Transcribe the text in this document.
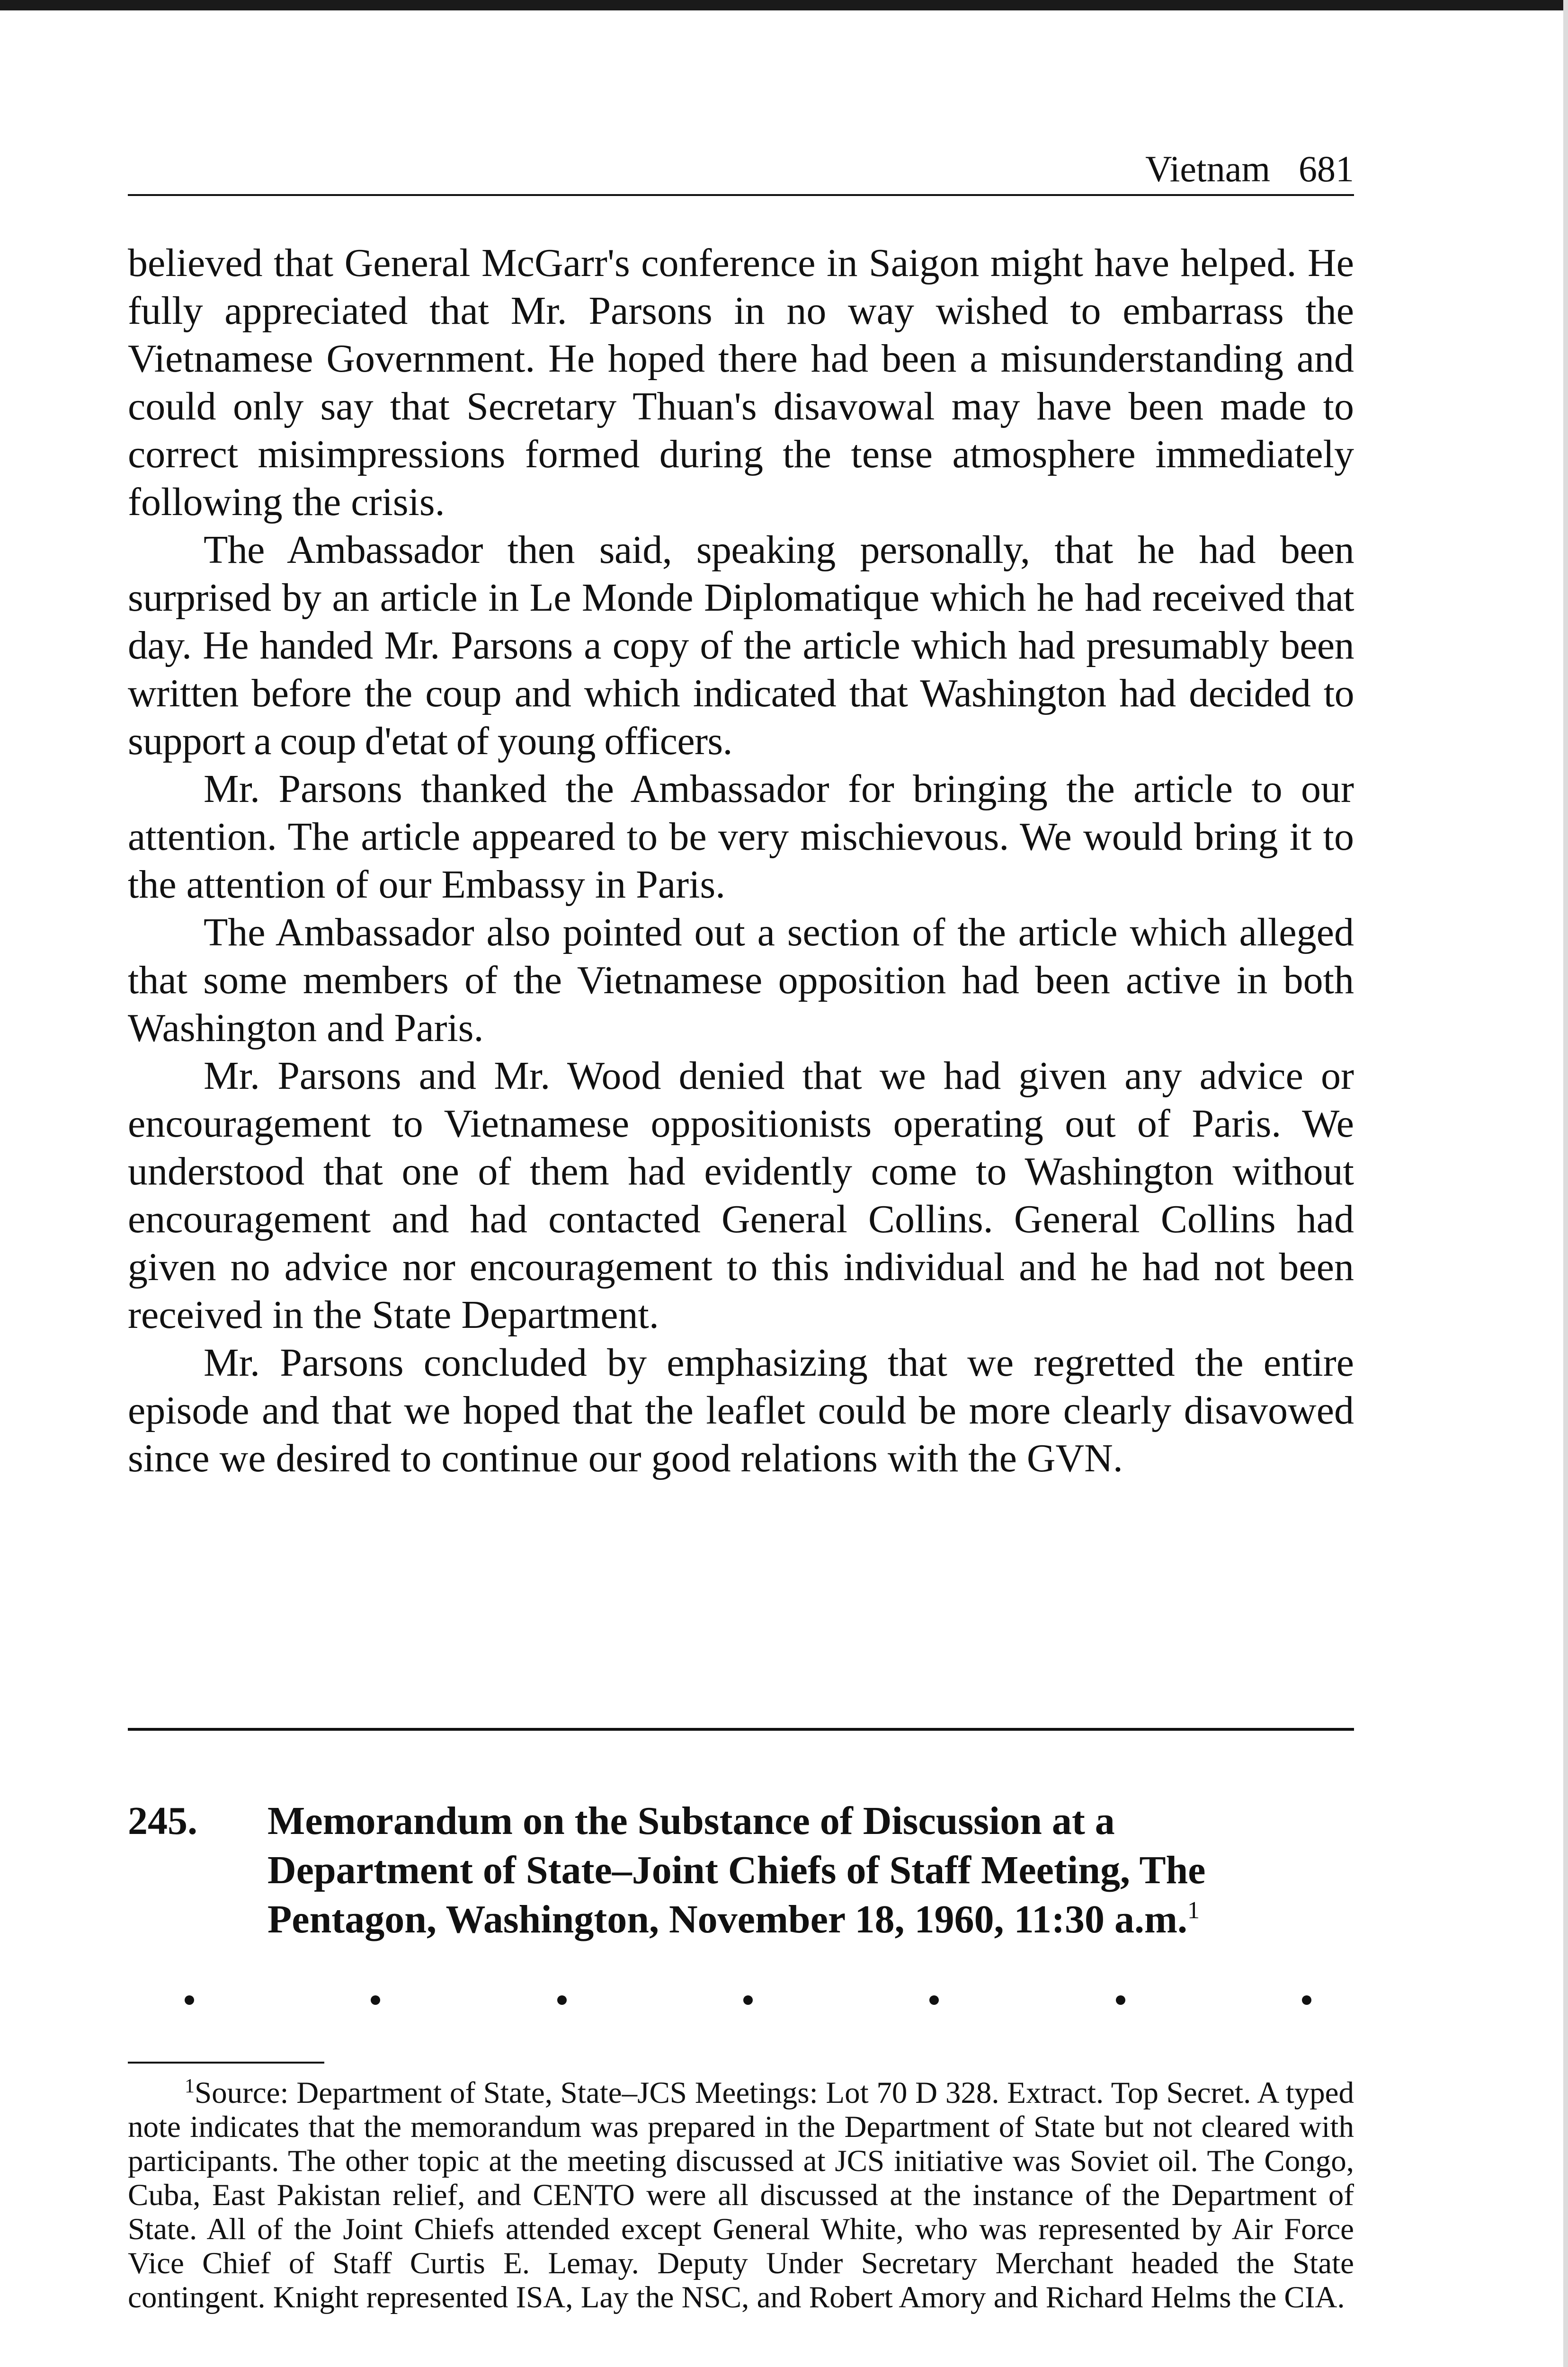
Vietnam 681

believed that General McGarr's conference in Saigon might have helped. He fully appreciated that Mr. Parsons in no way wished to embarrass the Vietnamese Government. He hoped there had been a misunderstanding and could only say that Secretary Thuan's disavowal may have been made to correct misimpressions formed during the tense atmosphere immediately following the crisis.

The Ambassador then said, speaking personally, that he had been surprised by an article in Le Monde Diplomatique which he had received that day. He handed Mr. Parsons a copy of the article which had presumably been written before the coup and which indicated that Washington had decided to support a coup d'etat of young officers.

Mr. Parsons thanked the Ambassador for bringing the article to our attention. The article appeared to be very mischievous. We would bring it to the attention of our Embassy in Paris.

The Ambassador also pointed out a section of the article which alleged that some members of the Vietnamese opposition had been active in both Washington and Paris.

Mr. Parsons and Mr. Wood denied that we had given any advice or encouragement to Vietnamese oppositionists operating out of Paris. We understood that one of them had evidently come to Washington without encouragement and had contacted General Collins. General Collins had given no advice nor encouragement to this individual and he had not been received in the State Department.

Mr. Parsons concluded by emphasizing that we regretted the entire episode and that we hoped that the leaflet could be more clearly disavowed since we desired to continue our good relations with the GVN.

245. Memorandum on the Substance of Discussion at a Department of State–Joint Chiefs of Staff Meeting, The Pentagon, Washington, November 18, 1960, 11:30 a.m.$^1$
$^1$Source: Department of State, State–JCS Meetings: Lot 70 D 328. Extract. Top Secret. A typed note indicates that the memorandum was prepared in the Department of State but not cleared with participants. The other topic at the meeting discussed at JCS initiative was Soviet oil. The Congo, Cuba, East Pakistan relief, and CENTO were all discussed at the instance of the Department of State. All of the Joint Chiefs attended except General White, who was represented by Air Force Vice Chief of Staff Curtis E. Lemay. Deputy Under Secretary Merchant headed the State contingent. Knight represented ISA, Lay the NSC, and Robert Amory and Richard Helms the CIA.
